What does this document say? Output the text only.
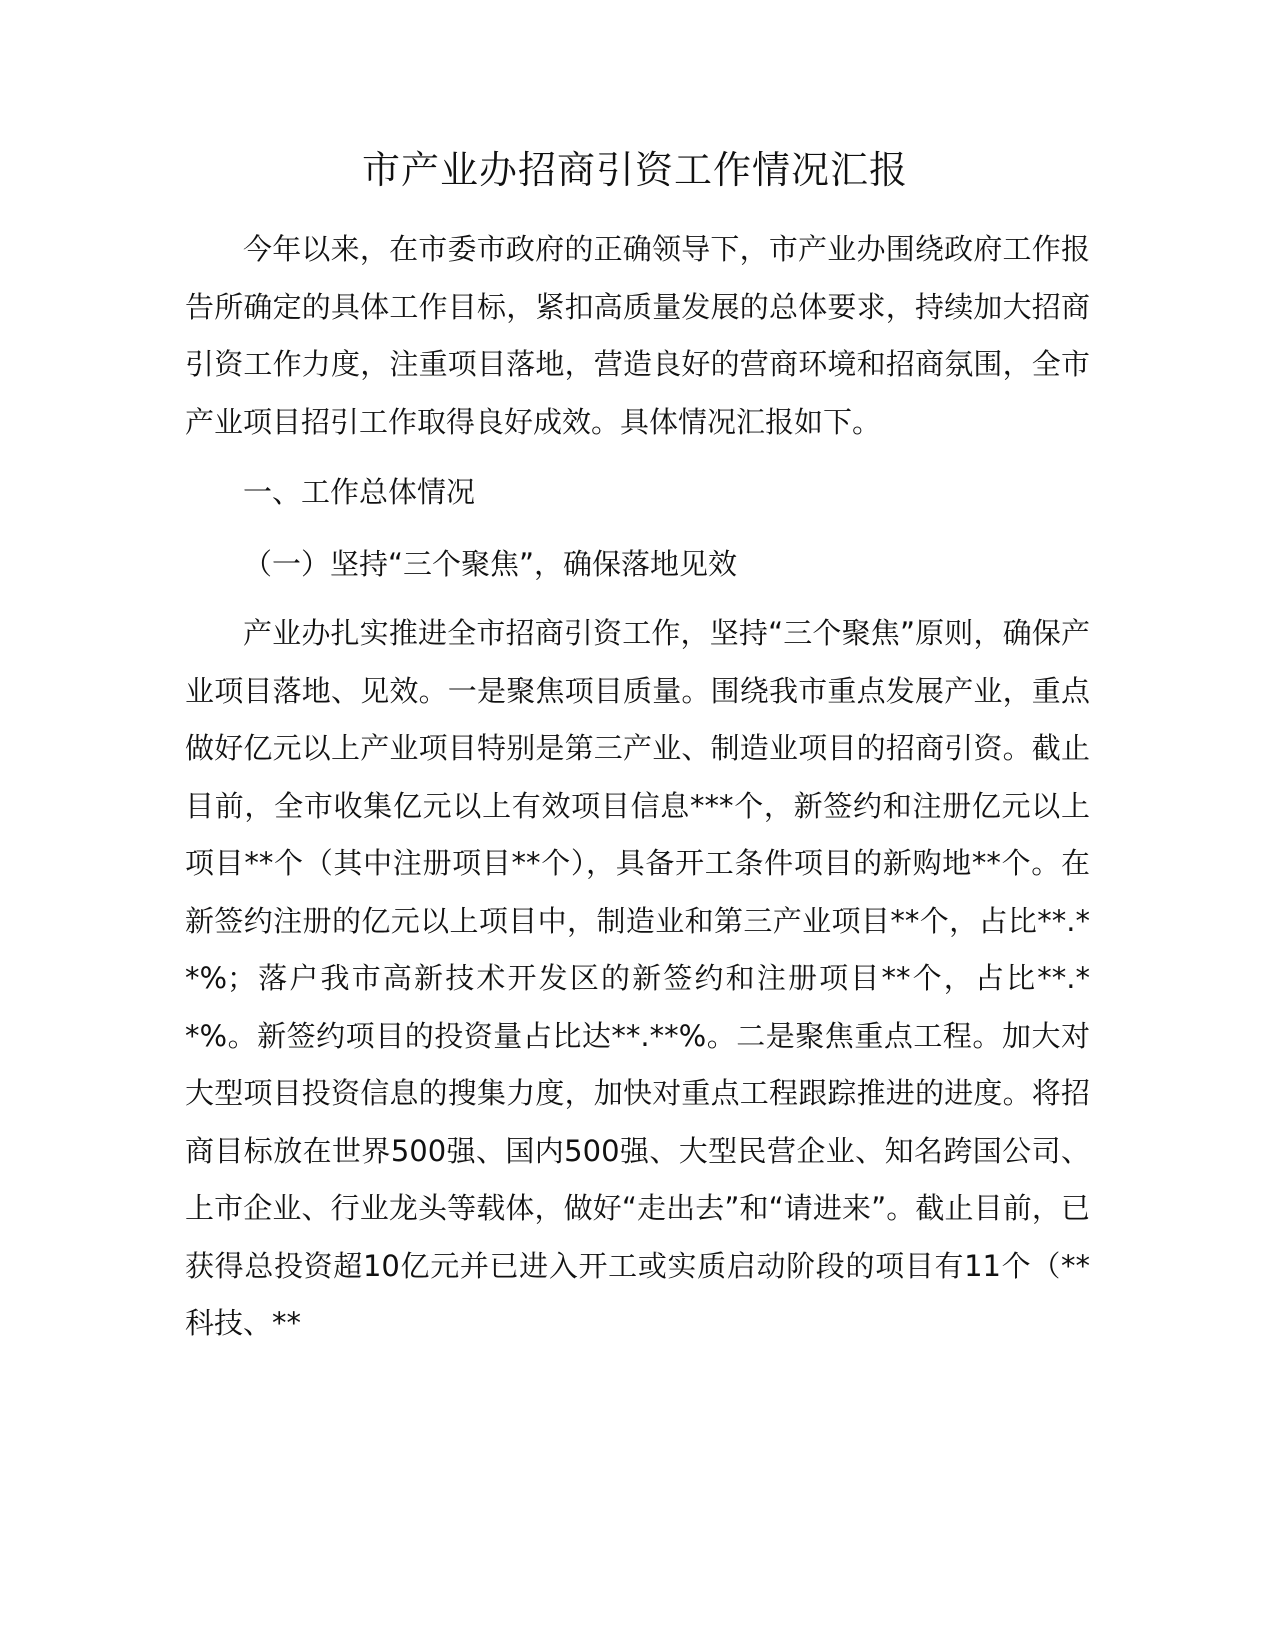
市产业办招商引资工作情况汇报

今年以来，在市委市政府的正确领导下，市产业办围绕政府工作报告所确定的具体工作目标，紧扣高质量发展的总体要求，持续加大招商引资工作力度，注重项目落地，营造良好的营商环境和招商氛围，全市产业项目招引工作取得良好成效。具体情况汇报如下。

一、工作总体情况

（一）坚持“三个聚焦”，确保落地见效

产业办扎实推进全市招商引资工作，坚持“三个聚焦”原则，确保产业项目落地、见效。一是聚焦项目质量。围绕我市重点发展产业，重点做好亿元以上产业项目特别是第三产业、制造业项目的招商引资。截止目前，全市收集亿元以上有效项目信息***个，新签约和注册亿元以上项目**个（其中注册项目**个），具备开工条件项目的新购地**个。在新签约注册的亿元以上项目中，制造业和第三产业项目**个，占比**.**%；落户我市高新技术开发区的新签约和注册项目**个，占比**.**%。新签约项目的投资量占比达**.**%。二是聚焦重点工程。加大对大型项目投资信息的搜集力度，加快对重点工程跟踪推进的进度。将招商目标放在世界500强、国内500强、大型民营企业、知名跨国公司、上市企业、行业龙头等载体，做好“走出去”和“请进来”。截止目前，已获得总投资超10亿元并已进入开工或实质启动阶段的项目有11个（**科技、**
